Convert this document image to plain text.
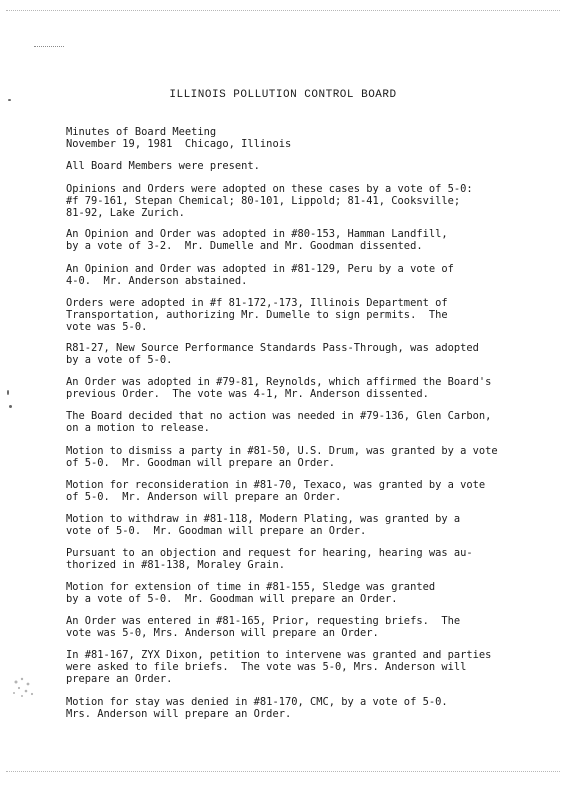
ILLINOIS POLLUTION CONTROL BOARD
Minutes of Board Meeting
November 19, 1981  Chicago, Illinois
All Board Members were present.
Opinions and Orders were adopted on these cases by a vote of 5-0:
#f 79-161, Stepan Chemical; 80-101, Lippold; 81-41, Cooksville;
81-92, Lake Zurich.
An Opinion and Order was adopted in #80-153, Hamman Landfill,
by a vote of 3-2.  Mr. Dumelle and Mr. Goodman dissented.
An Opinion and Order was adopted in #81-129, Peru by a vote of
4-0.  Mr. Anderson abstained.
Orders were adopted in #f 81-172,-173, Illinois Department of
Transportation, authorizing Mr. Dumelle to sign permits.  The
vote was 5-0.
R81-27, New Source Performance Standards Pass-Through, was adopted
by a vote of 5-0.
An Order was adopted in #79-81, Reynolds, which affirmed the Board's
previous Order.  The vote was 4-1, Mr. Anderson dissented.
The Board decided that no action was needed in #79-136, Glen Carbon,
on a motion to release.
Motion to dismiss a party in #81-50, U.S. Drum, was granted by a vote
of 5-0.  Mr. Goodman will prepare an Order.
Motion for reconsideration in #81-70, Texaco, was granted by a vote
of 5-0.  Mr. Anderson will prepare an Order.
Motion to withdraw in #81-118, Modern Plating, was granted by a
vote of 5-0.  Mr. Goodman will prepare an Order.
Pursuant to an objection and request for hearing, hearing was au-
thorized in #81-138, Moraley Grain.
Motion for extension of time in #81-155, Sledge was granted
by a vote of 5-0.  Mr. Goodman will prepare an Order.
An Order was entered in #81-165, Prior, requesting briefs.  The
vote was 5-0, Mrs. Anderson will prepare an Order.
In #81-167, ZYX Dixon, petition to intervene was granted and parties
were asked to file briefs.  The vote was 5-0, Mrs. Anderson will
prepare an Order.
Motion for stay was denied in #81-170, CMC, by a vote of 5-0.
Mrs. Anderson will prepare an Order.
